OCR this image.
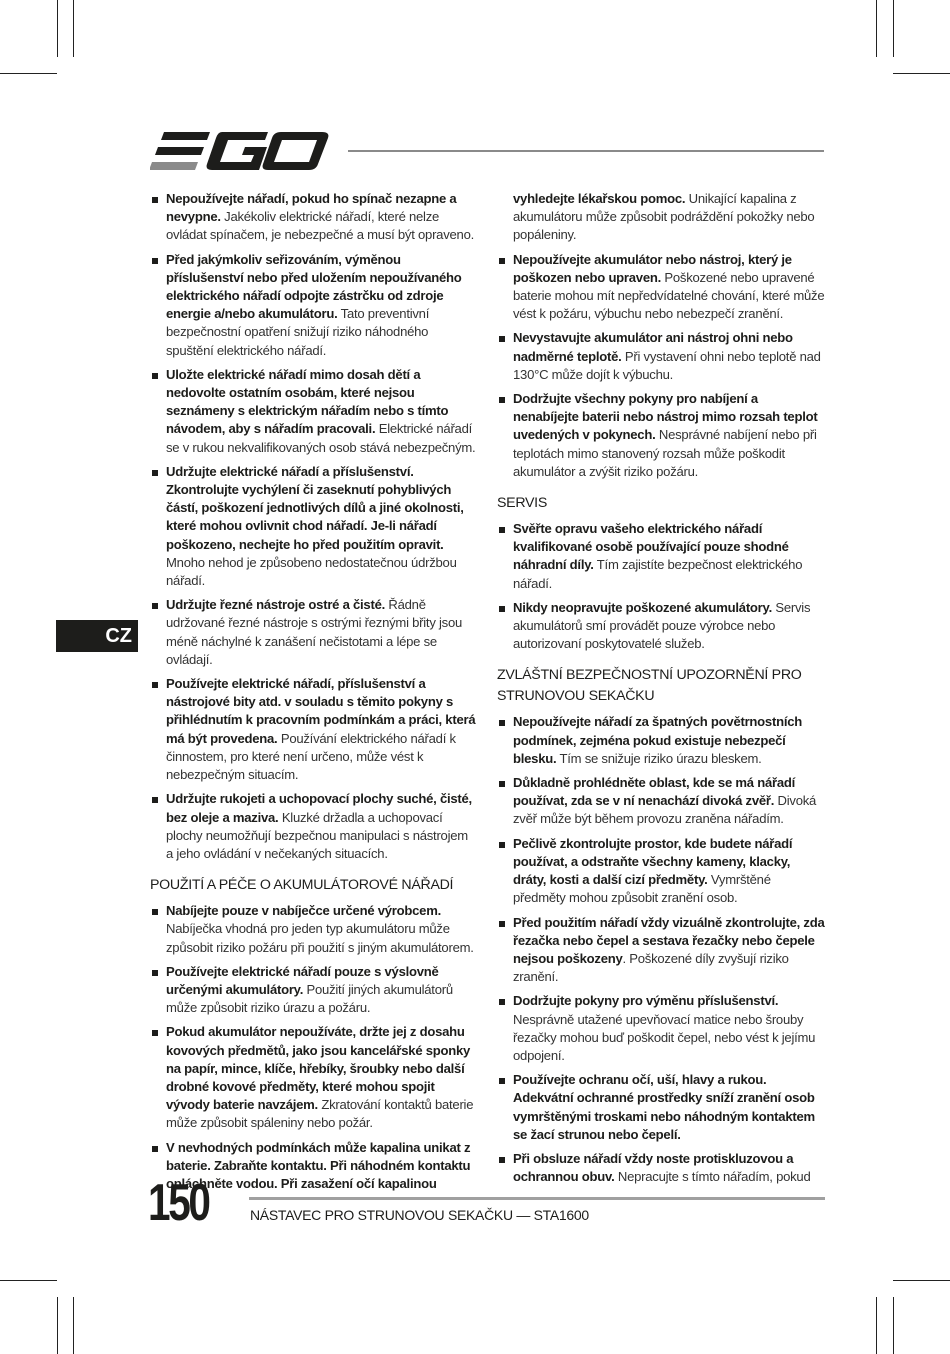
CZ
Nepoužívejte nářadí, pokud ho spínač nezapne a nevypne. Jakékoliv elektrické nářadí, které nelze ovládat spínačem, je nebezpečné a musí být opraveno.
Před jakýmkoliv seřizováním, výměnou příslušenství nebo před uložením nepoužívaného elektrického nářadí odpojte zástrčku od zdroje energie a/nebo akumulátoru. Tato preventivní bezpečnostní opatření snižují riziko náhodného spuštění elektrického nářadí.
Uložte elektrické nářadí mimo dosah dětí a nedovolte ostatním osobám, které nejsou seznámeny s elektrickým nářadím nebo s tímto návodem, aby s nářadím pracovali. Elektrické nářadí se v rukou nekvalifikovaných osob stává nebezpečným.
Udržujte elektrické nářadí a příslušenství. Zkontrolujte vychýlení či zaseknutí pohyblivých částí, poškození jednotlivých dílů a jiné okolnosti, které mohou ovlivnit chod nářadí. Je-li nářadí poškozeno, nechejte ho před použitím opravit. Mnoho nehod je způsobeno nedostatečnou údržbou nářadí.
Udržujte řezné nástroje ostré a čisté. Řádně udržované řezné nástroje s ostrými řeznými břity jsou méně náchylné k zanášení nečistotami a lépe se ovládají.
Používejte elektrické nářadí, příslušenství a nástrojové bity atd. v souladu s těmito pokyny s přihlédnutím k pracovním podmínkám a práci, která má být provedena. Používání elektrického nářadí k činnostem, pro které není určeno, může vést k nebezpečným situacím.
Udržujte rukojeti a uchopovací plochy suché, čisté, bez oleje a maziva. Kluzké držadla a uchopovací plochy neumožňují bezpečnou manipulaci s nástrojem a jeho ovládání v nečekaných situacích.
POUŽITÍ A PÉČE O AKUMULÁTOROVÉ NÁŘADÍ
Nabíjejte pouze v nabíječce určené výrobcem. Nabíječka vhodná pro jeden typ akumulátoru může způsobit riziko požáru při použití s jiným akumulátorem.
Používejte elektrické nářadí pouze s výslovně určenými akumulátory. Použití jiných akumulátorů může způsobit riziko úrazu a požáru.
Pokud akumulátor nepoužíváte, držte jej z dosahu kovových předmětů, jako jsou kancelářské sponky na papír, mince, klíče, hřebíky, šroubky nebo další drobné kovové předměty, které mohou spojit vývody baterie navzájem. Zkratování kontaktů baterie může způsobit spáleniny nebo požár.
V nevhodných podmínkách může kapalina unikat z baterie. Zabraňte kontaktu. Při náhodném kontaktu opláchněte vodou. Při zasažení očí kapalinou
vyhledejte lékařskou pomoc. Unikající kapalina z akumulátoru může způsobit podráždění pokožky nebo popáleniny.
Nepoužívejte akumulátor nebo nástroj, který je poškozen nebo upraven. Poškozené nebo upravené baterie mohou mít nepředvídatelné chování, které může vést k požáru, výbuchu nebo nebezpečí zranění.
Nevystavujte akumulátor ani nástroj ohni nebo nadměrné teplotě. Při vystavení ohni nebo teplotě nad 130°C může dojít k výbuchu.
Dodržujte všechny pokyny pro nabíjení a nenabíjejte baterii nebo nástroj mimo rozsah teplot uvedených v pokynech. Nesprávné nabíjení nebo při teplotách mimo stanovený rozsah může poškodit akumulátor a zvýšit riziko požáru.
SERVIS
Svěřte opravu vašeho elektrického nářadí kvalifikované osobě používající pouze shodné náhradní díly. Tím zajistíte bezpečnost elektrického nářadí.
Nikdy neopravujte poškozené akumulátory. Servis akumulátorů smí provádět pouze výrobce nebo autorizovaní poskytovatelé služeb.
ZVLÁŠTNÍ BEZPEČNOSTNÍ UPOZORNĚNÍ PRO STRUNOVOU SEKAČKU
Nepoužívejte nářadí za špatných povětrnostních podmínek, zejména pokud existuje nebezpečí blesku. Tím se snižuje riziko úrazu bleskem.
Důkladně prohlédněte oblast, kde se má nářadí používat, zda se v ní nenachází divoká zvěř. Divoká zvěř může být během provozu zraněna nářadím.
Pečlivě zkontrolujte prostor, kde budete nářadí používat, a odstraňte všechny kameny, klacky, dráty, kosti a další cizí předměty. Vymrštěné předměty mohou způsobit zranění osob.
Před použitím nářadí vždy vizuálně zkontrolujte, zda řezačka nebo čepel a sestava řezačky nebo čepele nejsou poškozeny. Poškozené díly zvyšují riziko zranění.
Dodržujte pokyny pro výměnu příslušenství. Nesprávně utažené upevňovací matice nebo šrouby řezačky mohou buď poškodit čepel, nebo vést k jejímu odpojení.
Používejte ochranu očí, uší, hlavy a rukou. Adekvátní ochranné prostředky sníží zranění osob vymrštěnými troskami nebo náhodným kontaktem se žací strunou nebo čepelí.
Při obsluze nářadí vždy noste protiskluzovou a ochrannou obuv. Nepracujte s tímto nářadím, pokud
150	NÁSTAVEC PRO STRUNOVOU SEKAČKU — STA1600
